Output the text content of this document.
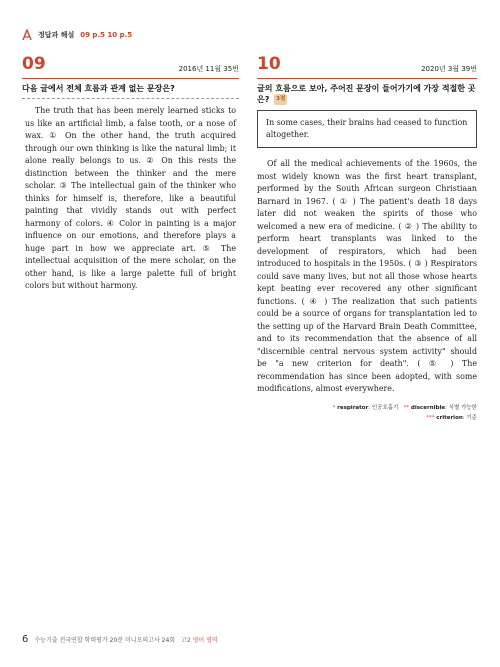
정답과 해설 09 p.5 10 p.5
09	2016년 11월 35번
다음 글에서 전체 흐름과 관계 없는 문장은?
The truth that has been merely learned sticks to us like an artificial limb, a false tooth, or a nose of wax. ① On the other hand, the truth acquired through our own thinking is like the natural limb; it alone really belongs to us. ② On this rests the distinction between the thinker and the mere scholar. ③ The intellectual gain of the thinker who thinks for himself is, therefore, like a beautiful painting that vividly stands out with perfect harmony of colors. ④ Color in painting is a major influence on our emotions, and therefore plays a huge part in how we appreciate art. ⑤ The intellectual acquisition of the mere scholar, on the other hand, is like a large palette full of bright colors but without harmony.
10	2020년 3월 39번
글의 흐름으로 보아, 주어진 문장이 들어가기에 가장 적절한 곳은? 3점
In some cases, their brains had ceased to function altogether.
Of all the medical achievements of the 1960s, the most widely known was the first heart transplant, performed by the South African surgeon Christiaan Barnard in 1967. ( ① ) The patient's death 18 days later did not weaken the spirits of those who welcomed a new era of medicine. ( ② ) The ability to perform heart transplants was linked to the development of respirators, which had been introduced to hospitals in the 1950s. ( ③ ) Respirators could save many lives, but not all those whose hearts kept beating ever recovered any other significant functions. ( ④ ) The realization that such patients could be a source of organs for transplantation led to the setting up of the Harvard Brain Death Committee, and to its recommendation that the absence of all "discernible central nervous system activity" should be "a new criterion for death". ( ⑤ ) The recommendation has since been adopted, with some modifications, almost everywhere.
* respirator: 인공호흡기 ** discernible: 식별 가능한
*** criterion: 기준
6 수능기출 전국연합 학력평가 20분 미니모의고사 24회 고2 영어 영역
